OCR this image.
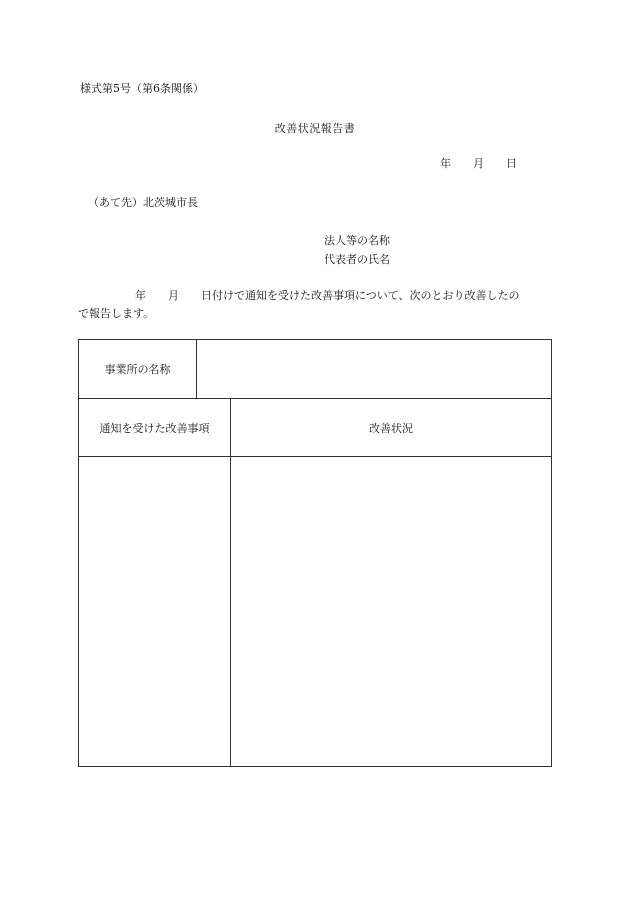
様式第5号（第6条関係）
改善状況報告書
年 月 日
（あて先）北茨城市長
法人等の名称
代表者の氏名
年 月 日付けで通知を受けた改善事項について、次のとおり改善したの
で報告します。
事業所の名称
通知を受けた改善事項	改善状況
